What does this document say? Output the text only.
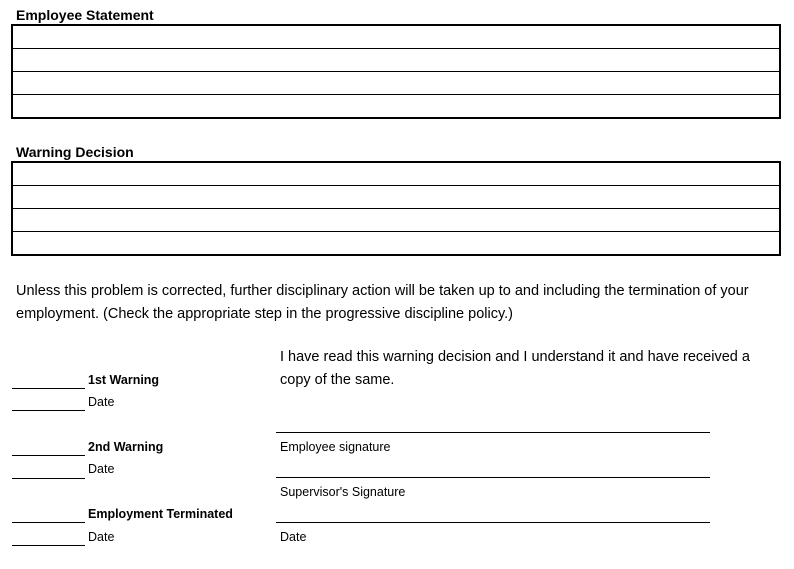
Employee Statement
Warning Decision

Unless this problem is corrected, further disciplinary action will be taken up to and including the termination of your employment. (Check the appropriate step in the progressive discipline policy.)

1st Warning
Date
2nd Warning
Date
Employment Terminated
Date

I have read this warning decision and I understand it and have received a copy of the same.

Employee signature
Supervisor's Signature
Date
